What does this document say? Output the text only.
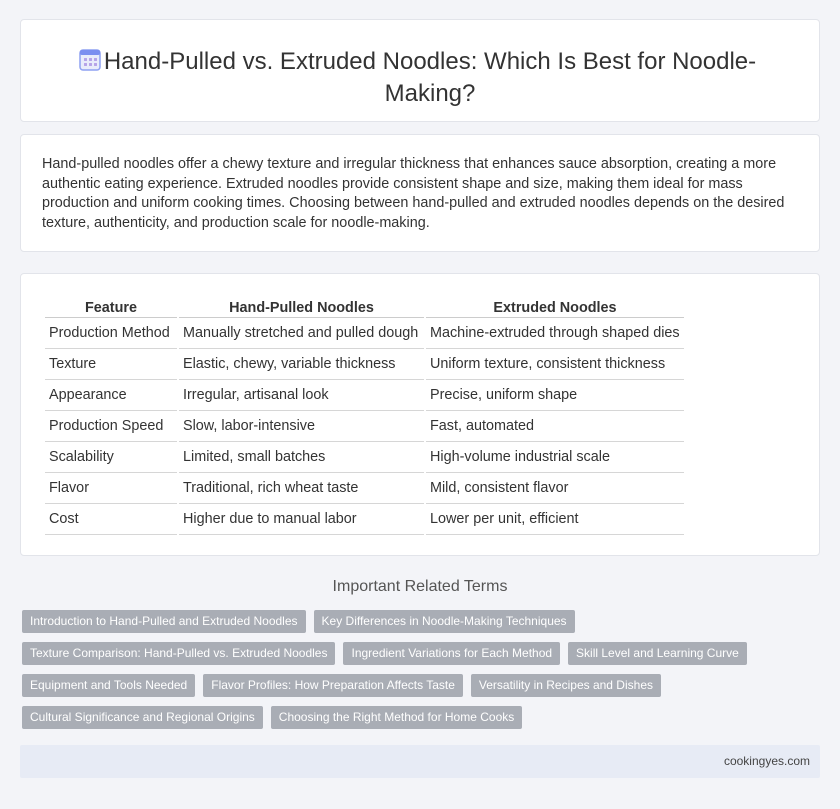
Hand-Pulled vs. Extruded Noodles: Which Is Best for Noodle-Making?

Hand-pulled noodles offer a chewy texture and irregular thickness that enhances sauce absorption, creating a more authentic eating experience. Extruded noodles provide consistent shape and size, making them ideal for mass production and uniform cooking times. Choosing between hand-pulled and extruded noodles depends on the desired texture, authenticity, and production scale for noodle-making.

Feature	Hand-Pulled Noodles	Extruded Noodles
Production Method	Manually stretched and pulled dough	Machine-extruded through shaped dies
Texture	Elastic, chewy, variable thickness	Uniform texture, consistent thickness
Appearance	Irregular, artisanal look	Precise, uniform shape
Production Speed	Slow, labor-intensive	Fast, automated
Scalability	Limited, small batches	High-volume industrial scale
Flavor	Traditional, rich wheat taste	Mild, consistent flavor
Cost	Higher due to manual labor	Lower per unit, efficient
Important Related Terms
Introduction to Hand-Pulled and Extruded Noodles	Key Differences in Noodle-Making Techniques
Texture Comparison: Hand-Pulled vs. Extruded Noodles	Ingredient Variations for Each Method	Skill Level and Learning Curve
Equipment and Tools Needed	Flavor Profiles: How Preparation Affects Taste	Versatility in Recipes and Dishes
Cultural Significance and Regional Origins	Choosing the Right Method for Home Cooks
cookingyes.com
